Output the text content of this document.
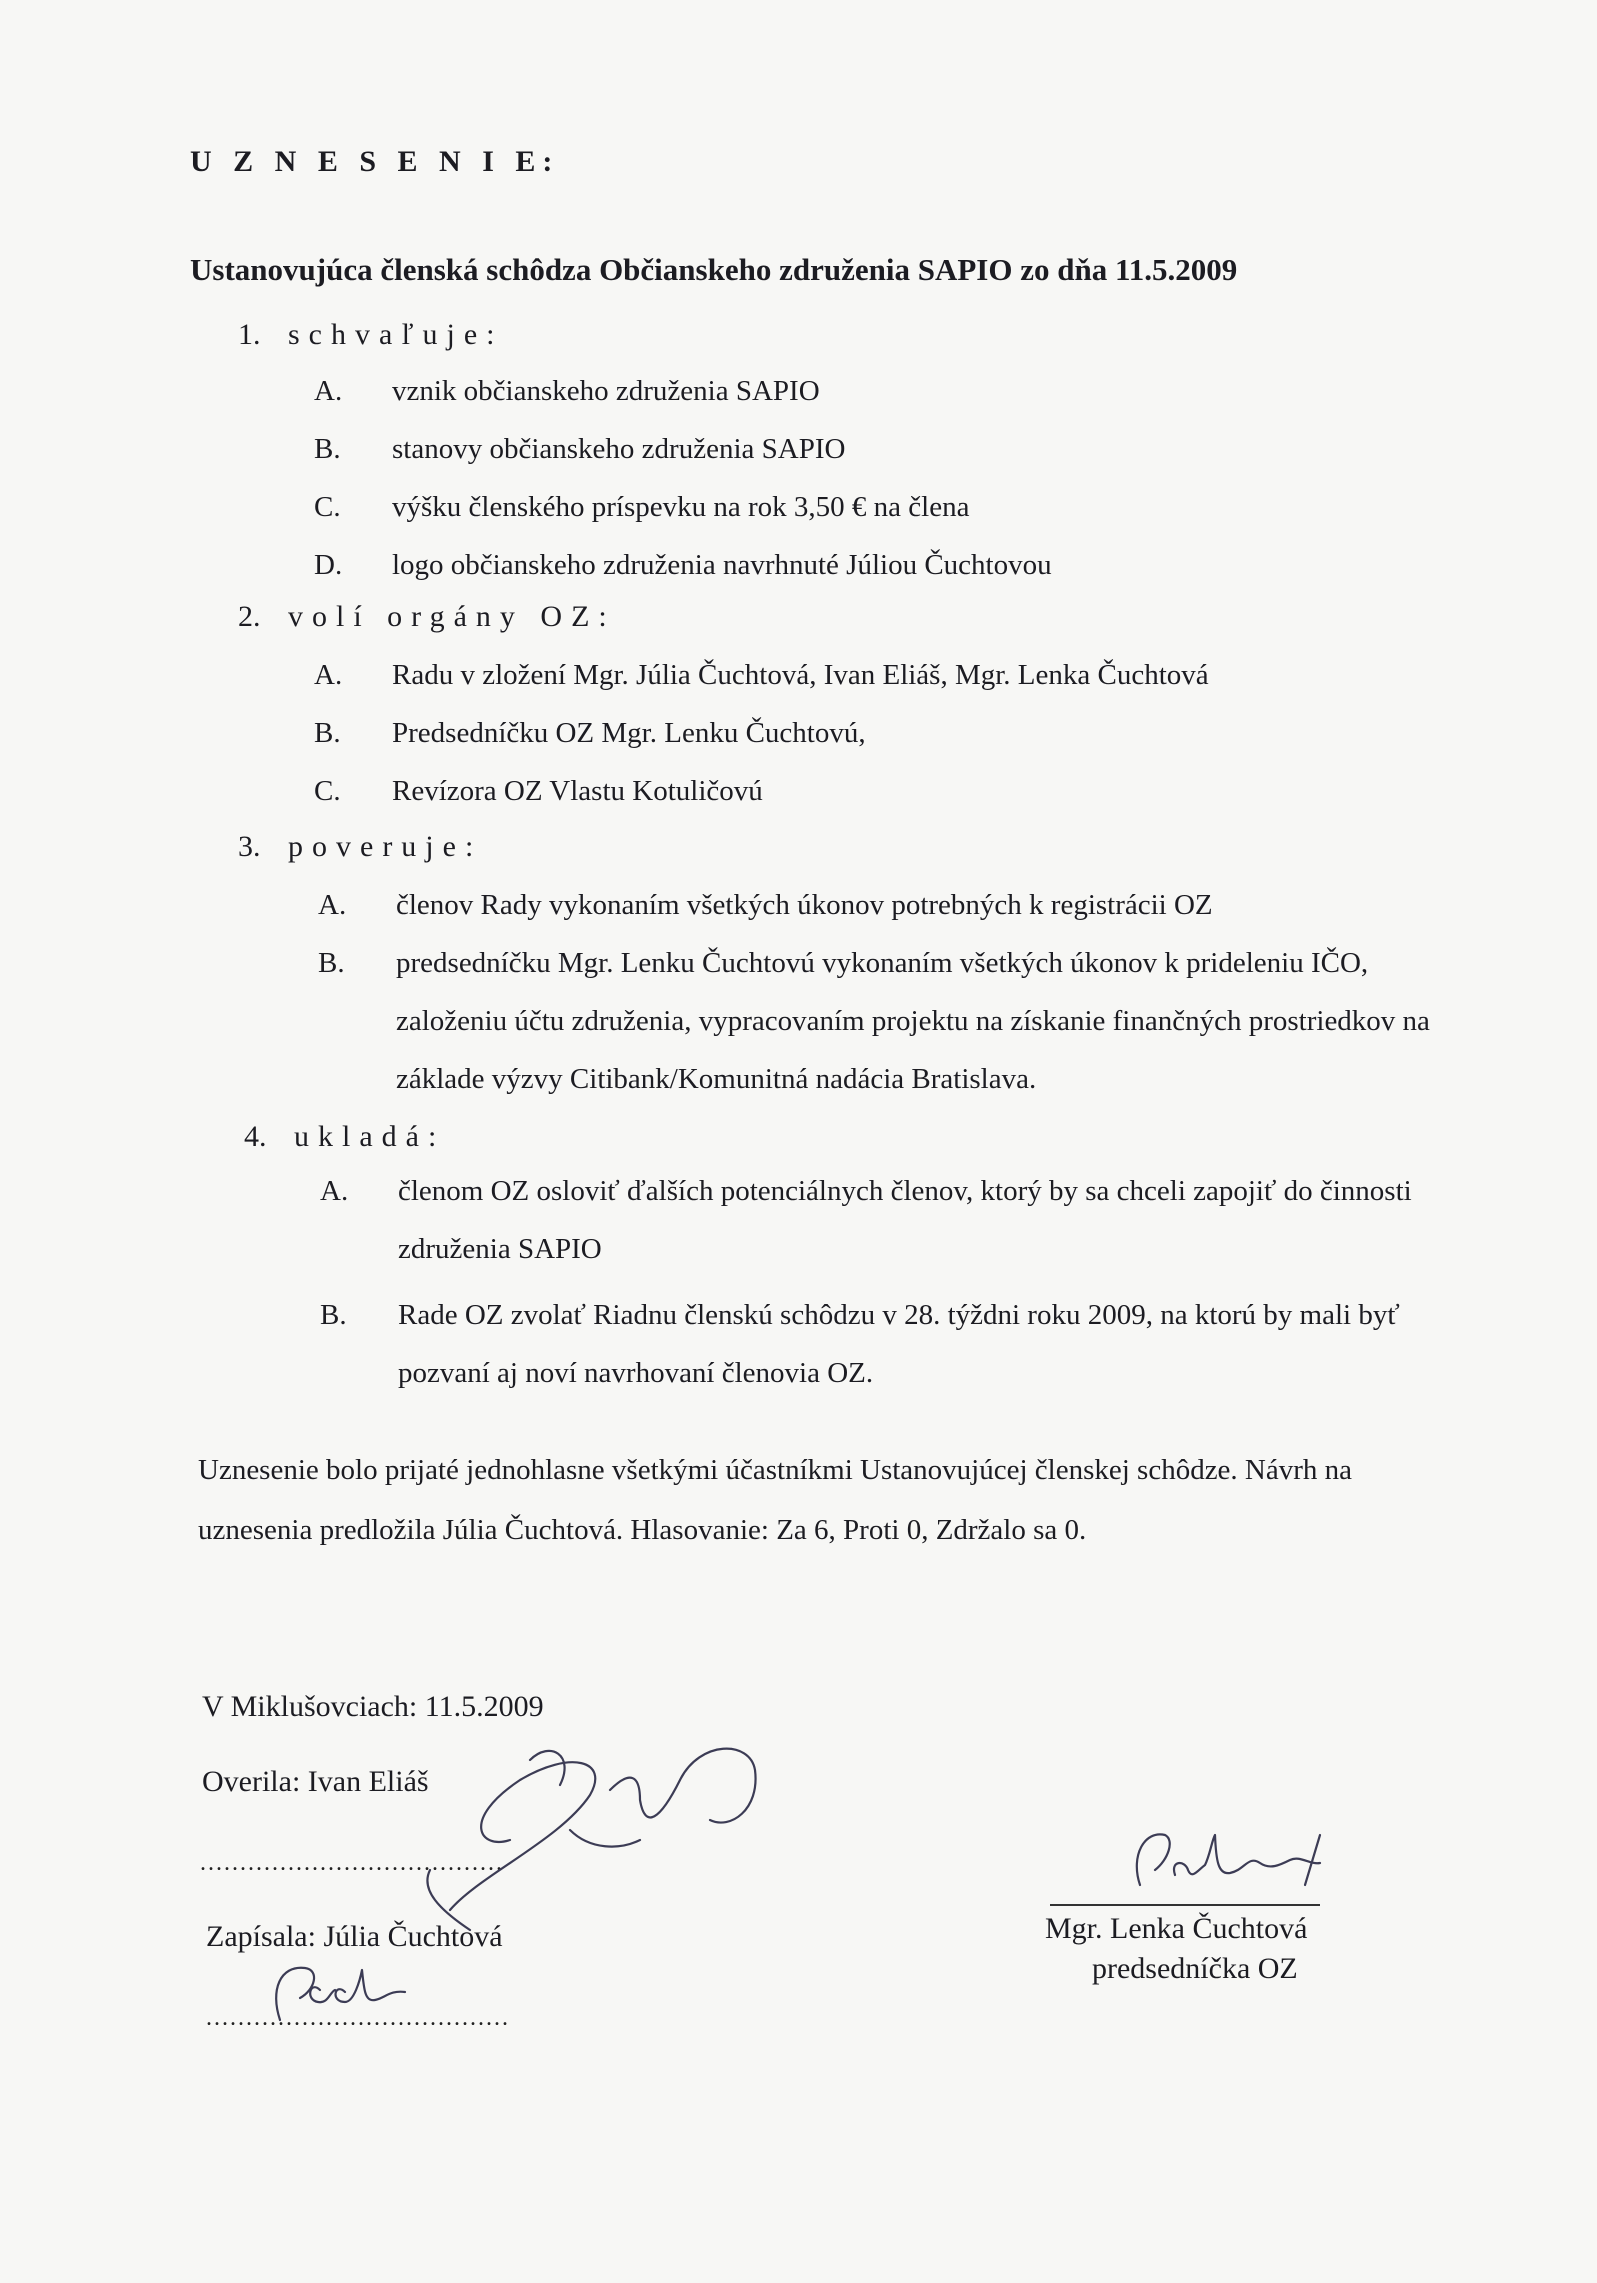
U Z N E S E N I E:
Ustanovujúca členská schôdza Občianskeho združenia SAPIO zo dňa 11.5.2009
1. schvaľuje:
A. vznik občianskeho združenia SAPIO
B. stanovy občianskeho združenia SAPIO
C. výšku členského príspevku na rok 3,50 € na člena
D. logo občianskeho združenia navrhnuté Júliou Čuchtovou
2. volí orgány OZ:
A. Radu v zložení Mgr. Júlia Čuchtová, Ivan Eliáš, Mgr. Lenka Čuchtová
B. Predsedníčku OZ Mgr. Lenku Čuchtovú,
C. Revízora OZ Vlastu Kotuličovú
3. poveruje:
A. členov Rady vykonaním všetkých úkonov potrebných k registrácii OZ
B. predsedníčku Mgr. Lenku Čuchtovú vykonaním všetkých úkonov k prideleniu IČO, založeniu účtu združenia, vypracovaním projektu na získanie finančných prostriedkov na základe výzvy Citibank/Komunitná nadácia Bratislava.
4. ukladá:
A. členom OZ osloviť ďalších potenciálnych členov, ktorý by sa chceli zapojiť do činnosti združenia SAPIO
B. Rade OZ zvolať Riadnu členskú schôdzu v 28. týždni roku 2009, na ktorú by mali byť pozvaní aj noví navrhovaní členovia OZ.
Uznesenie bolo prijaté jednohlasne všetkými účastníkmi Ustanovujúcej členskej schôdze. Návrh na uznesenia predložila Júlia Čuchtová. Hlasovanie: Za 6, Proti 0, Zdržalo sa 0.
V Miklušovciach: 11.5.2009
Overila: Ivan Eliáš
......................................
Zapísala: Júlia Čuchtová
......................................
Mgr. Lenka Čuchtová
predsedníčka OZ
